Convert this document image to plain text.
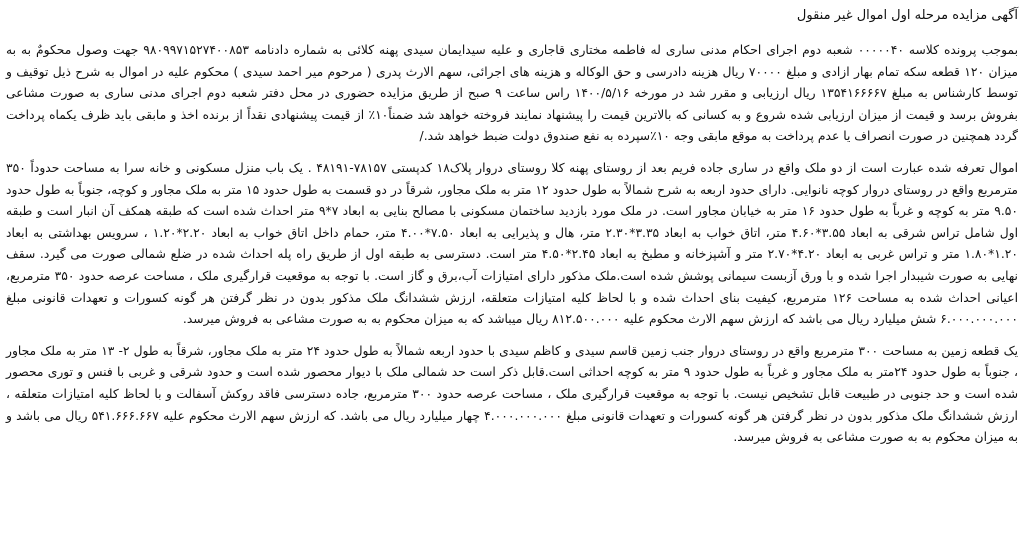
آگهی مزایده مرحله اول اموال غیر منقول

بموجب پرونده کلاسه ۰۰۰۰۰۴۰ شعبه دوم اجرای احکام مدنی ساری له فاطمه مختاری قاجاری و علیه سیدایمان سیدی پهنه کلائی به شماره دادنامه ۹۸۰۹۹۷۱۵۲۷۴۰۰۸۵۳ جهت وصول محکومٌ به به میزان ۱۲۰ قطعه سکه تمام بهار ازادی و مبلغ ۷۰۰۰۰ ریال هزینه دادرسی و حق الوکاله و هزینه های اجرائی، سهم الارث پدری ( مرحوم میر احمد سیدی ) محکوم علیه در اموال به شرح ذیل توقیف و توسط کارشناس به مبلغ ۱۳۵۴۱۶۶۶۶۷ ریال ارزیابی و مقرر شد در مورخه ۱۴۰۰/۵/۱۶ راس ساعت ۹ صبح از طریق مزایده حضوری در محل دفتر شعبه دوم اجرای مدنی ساری به صورت مشاعی بفروش برسد و قیمت از میزان ارزیابی شده شروع و به کسانی که بالاترین قیمت را پیشنهاد نمایند فروخته خواهد شد ضمناً۱۰٪ از قیمت پیشنهادی نقداً از برنده اخذ و مابقی باید ظرف یکماه پرداخت گردد همچنین در صورت انصراف یا عدم پرداخت به موقع مابقی وجه ۱۰٪سپرده به نفع صندوق دولت ضبط خواهد شد./

اموال تعرفه شده عبارت است از دو ملک واقع در ساری جاده فریم بعد از روستای پهنه کلا روستای دروار پلاک۱۸ کدپستی ۷۸۱۵۷-۴۸۱۹۱ . یک باب منزل مسکونی و خانه سرا به مساحت حدوداً ۳۵۰ مترمربع واقع در روستای دروار کوچه نانوایی. دارای حدود اربعه به شرح شمالاً به طول حدود ۱۲ متر به ملک مجاور، شرقاً در دو قسمت به طول حدود ۱۵ متر به ملک مجاور و کوچه، جنوباً به طول حدود ۹.۵۰ متر به کوچه و غرباً به طول حدود ۱۶ متر به خیابان مجاور است. در ملک مورد بازدید ساختمان مسکونی با مصالح بنایی به ابعاد ۷*۹ متر احداث شده است که طبقه همکف آن انبار است و طبقه اول شامل تراس شرقی به ابعاد ۳.۵۵*۴.۶۰ متر، اتاق خواب به ابعاد ۳.۳۵*۲.۳۰ متر، هال و پذیرایی به ابعاد ۷.۵۰*۴.۰۰ متر، حمام داخل اتاق خواب به ابعاد ۲.۲۰*۱.۲۰ ، سرویس بهداشتی به ابعاد ۱.۲۰*۱.۸۰ متر و تراس غربی به ابعاد ۴.۲۰*۲.۷۰ متر و آشپزخانه و مطبخ به ابعاد ۲.۴۵*۴.۵۰ متر است. دسترسی به طبقه اول از طریق راه پله احداث شده در ضلع شمالی صورت می گیرد. سقف نهایی به صورت شیبدار اجرا شده و با ورق آزبست سیمانی پوشش شده است.ملک مذکور دارای امتیازات آب،برق و گاز است. با توجه به موقعیت قرارگیری ملک ، مساحت عرصه حدود ۳۵۰ مترمربع، اعیانی احداث شده به مساحت ۱۲۶ مترمربع، کیفیت بنای احداث شده و با لحاظ کلیه امتیازات متعلقه، ارزش ششدانگ ملک مذکور بدون در نظر گرفتن هر گونه کسورات و تعهدات قانونی مبلغ ۶.۰۰۰.۰۰۰.۰۰۰ شش میلیارد ریال می باشد که ارزش سهم الارث محکوم علیه ۸۱۲.۵۰۰.۰۰۰ ریال میباشد که به میزان محکوم به به صورت مشاعی به فروش میرسد.

یک قطعه زمین به مساحت ۳۰۰ مترمربع واقع در روستای دروار جنب زمین قاسم سیدی و کاظم سیدی با حدود اربعه شمالاً به طول حدود ۲۴ متر به ملک مجاور، شرقاً به طول ۲- ۱۳ متر به ملک مجاور ، جنوباً به طول حدود ۲۴متر به ملک مجاور و غرباً به طول حدود ۹ متر به کوچه احداثی است.قابل ذکر است حد شمالی ملک با دیوار محصور شده است و حدود شرقی و غربی با فنس و توری محصور شده است و حد جنوبی در طبیعت قابل تشخیص نیست. با توجه به موقعیت قرارگیری ملک ، مساحت عرصه حدود ۳۰۰ مترمربع، جاده دسترسی فاقد روکش آسفالت و با لحاظ کلیه امتیازات متعلقه ، ارزش ششدانگ ملک مذکور بدون در نظر گرفتن هر گونه کسورات و تعهدات قانونی مبلغ ۴.۰۰۰.۰۰۰.۰۰۰ چهار میلیارد ریال می باشد. که ارزش سهم الارث محکوم علیه ۵۴۱.۶۶۶.۶۶۷ ریال می باشد و به میزان محکوم به به صورت مشاعی به فروش میرسد.
